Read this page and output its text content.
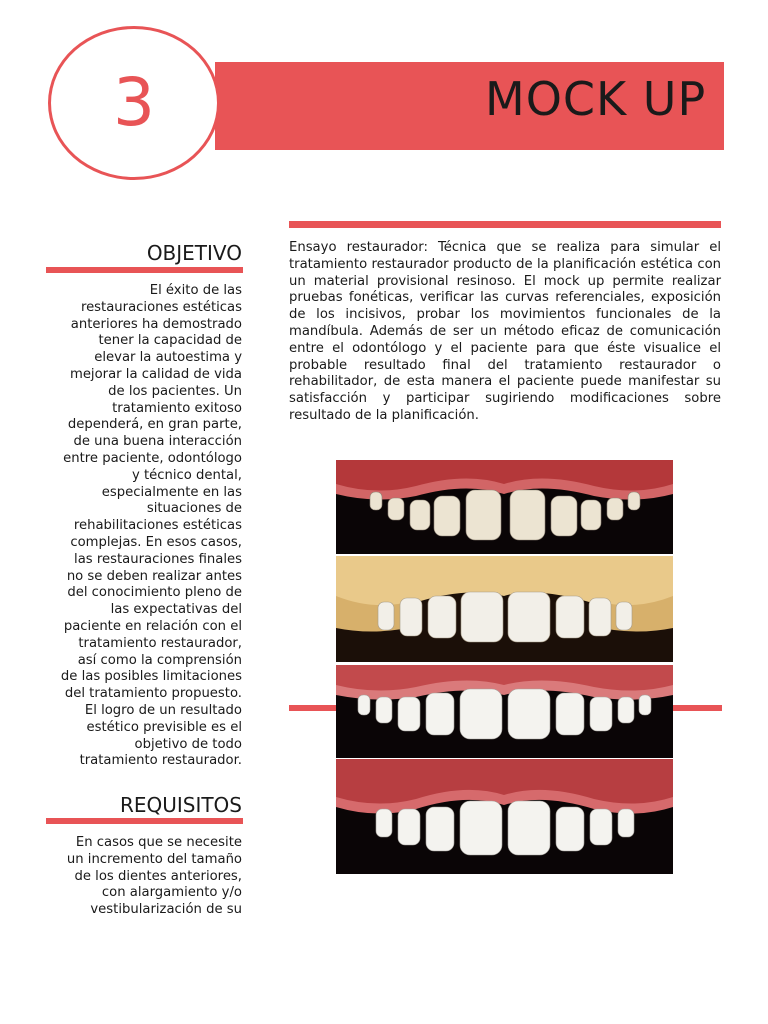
MOCK UP
3
Ensayo restaurador: Técnica que se realiza para simular el tratamiento restaurador producto de la planificación estética con un material provisional resinoso. El mock up permite realizar pruebas fonéticas, verificar las curvas referenciales, exposición de los incisivos, probar los movimientos funcionales de la mandíbula. Además de ser un método eficaz de comunicación entre el odontólogo y el paciente para que éste visualice el probable resultado final del tratamiento restaurador o rehabilitador, de esta manera el paciente puede manifestar su satisfacción y participar sugiriendo modificaciones sobre resultado de la planificación.
OBJETIVO
El éxito de las
restauraciones estéticas
anteriores ha demostrado
tener la capacidad de
elevar la autoestima y
mejorar la calidad de vida
de los pacientes. Un
tratamiento exitoso
dependerá, en gran parte,
de una buena interacción
entre paciente, odontólogo
y técnico dental,
especialmente en las
situaciones de
rehabilitaciones estéticas
complejas. En esos casos,
las restauraciones finales
no se deben realizar antes
del conocimiento pleno de
las expectativas del
paciente en relación con el
tratamiento restaurador,
así como la comprensión
de las posibles limitaciones
del tratamiento propuesto.
El logro de un resultado
estético previsible es el
objetivo de todo
tratamiento restaurador.
REQUISITOS
En casos que se necesite
un incremento del tamaño
de los dientes anteriores,
con alargamiento y/o
vestibularización de su
